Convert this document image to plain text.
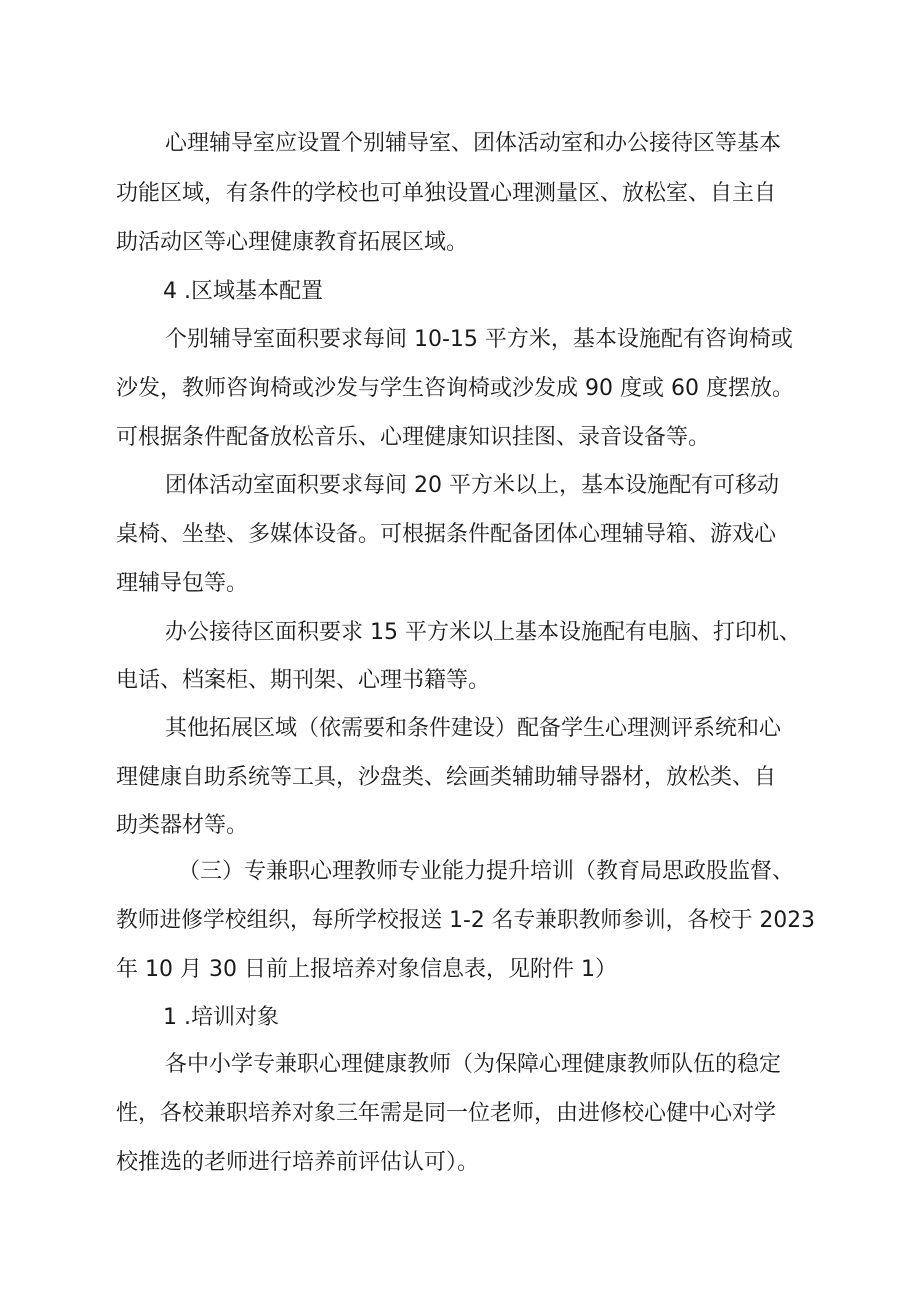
心理辅导室应设置个别辅导室、团体活动室和办公接待区等基本
功能区域，有条件的学校也可单独设置心理测量区、放松室、自主自
助活动区等心理健康教育拓展区域。
4 .区域基本配置
个别辅导室面积要求每间 10-15 平方米，基本设施配有咨询椅或
沙发，教师咨询椅或沙发与学生咨询椅或沙发成 90 度或 60 度摆放。
可根据条件配备放松音乐、心理健康知识挂图、录音设备等。
团体活动室面积要求每间 20 平方米以上，基本设施配有可移动
桌椅、坐垫、多媒体设备。可根据条件配备团体心理辅导箱、游戏心
理辅导包等。
办公接待区面积要求 15 平方米以上基本设施配有电脑、打印机、
电话、档案柜、期刊架、心理书籍等。
其他拓展区域（依需要和条件建设）配备学生心理测评系统和心
理健康自助系统等工具，沙盘类、绘画类辅助辅导器材，放松类、自
助类器材等。
（三）专兼职心理教师专业能力提升培训（教育局思政股监督、
教师进修学校组织，每所学校报送 1-2 名专兼职教师参训，各校于 2023
年 10 月 30 日前上报培养对象信息表，见附件 1）
1 .培训对象
各中小学专兼职心理健康教师（为保障心理健康教师队伍的稳定
性，各校兼职培养对象三年需是同一位老师，由进修校心健中心对学
校推选的老师进行培养前评估认可）。
